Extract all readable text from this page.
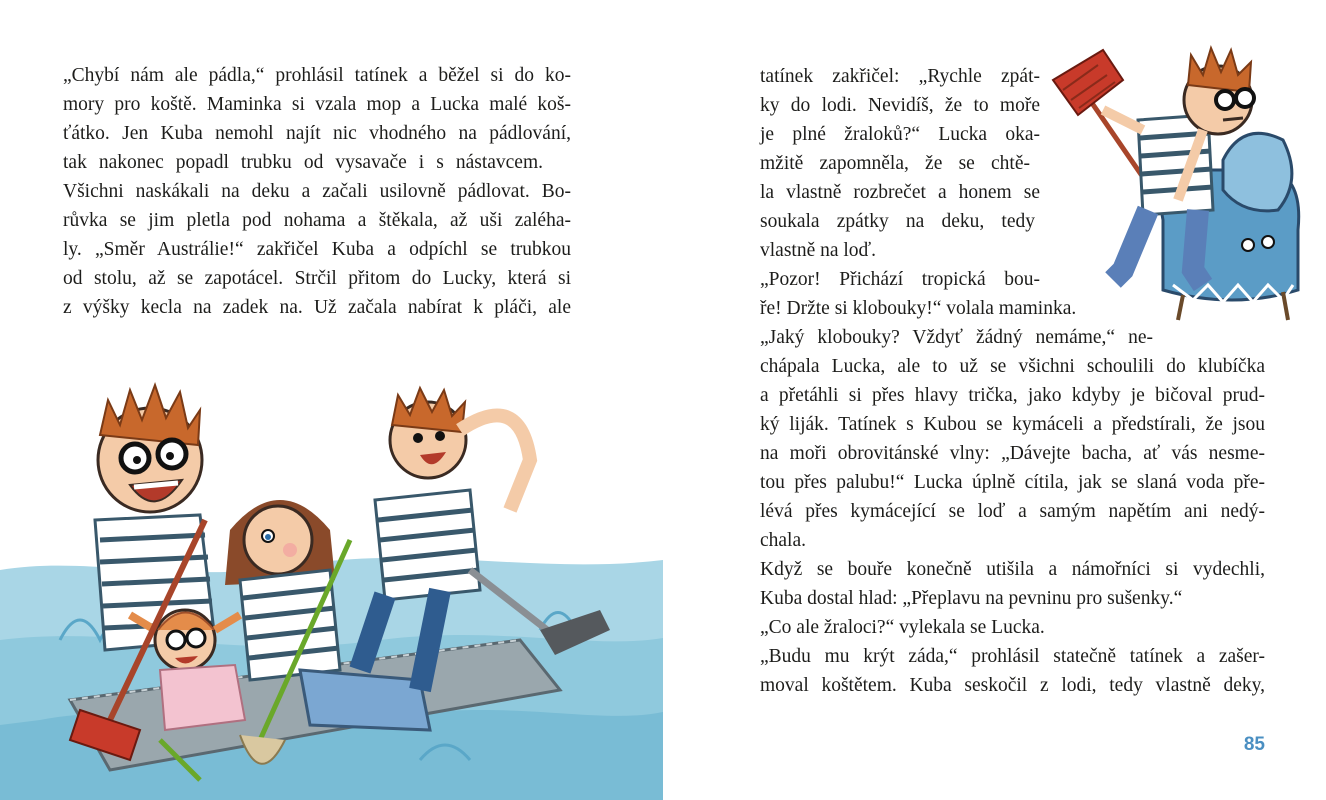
„Chybí nám ale pádla,“ prohlásil tatínek a běžel si do ko-
mory pro koště. Maminka si vzala mop a Lucka malé koš-
ťátko. Jen Kuba nemohl najít nic vhodného na pádlování,
tak nakonec popadl trubku od vysavače i s nástavcem.
Všichni naskákali na deku a začali usilovně pádlovat. Bo-
růvka se jim pletla pod nohama a štěkala, až uši zaléha-
ly. „Směr Austrálie!“ zakřičel Kuba a odpíchl se trubkou
od stolu, až se zapotácel. Strčil přitom do Lucky, která si
z výšky kecla na zadek na. Už začala nabírat k pláči, ale
tatínek zakřičel: „Rychle zpát-
ky do lodi. Nevidíš, že to moře
je plné žraloků?“ Lucka oka-
mžitě zapomněla, že se chtě-
la vlastně rozbrečet a honem se
soukala zpátky na deku, tedy
vlastně na loď.
„Pozor! Přichází tropická bou-
ře! Držte si klobouky!“ volala maminka.
„Jaký klobouky? Vždyť žádný nemáme,“ ne-
chápala Lucka, ale to už se všichni schoulili do klubíčka
a přetáhli si přes hlavy trička, jako kdyby je bičoval prud-
ký liják. Tatínek s Kubou se kymáceli a předstírali, že jsou
na moři obrovitánské vlny: „Dávejte bacha, ať vás nesme-
tou přes palubu!“ Lucka úplně cítila, jak se slaná voda pře-
lévá přes kymácející se loď a samým napětím ani nedý-
chala.
Když se bouře konečně utišila a námořníci si vydechli,
Kuba dostal hlad: „Přeplavu na pevninu pro sušenky.“
„Co ale žraloci?“ vylekala se Lucka.
„Budu mu krýt záda,“ prohlásil statečně tatínek a zašer-
moval koštětem. Kuba seskočil z lodi, tedy vlastně deky,
85
